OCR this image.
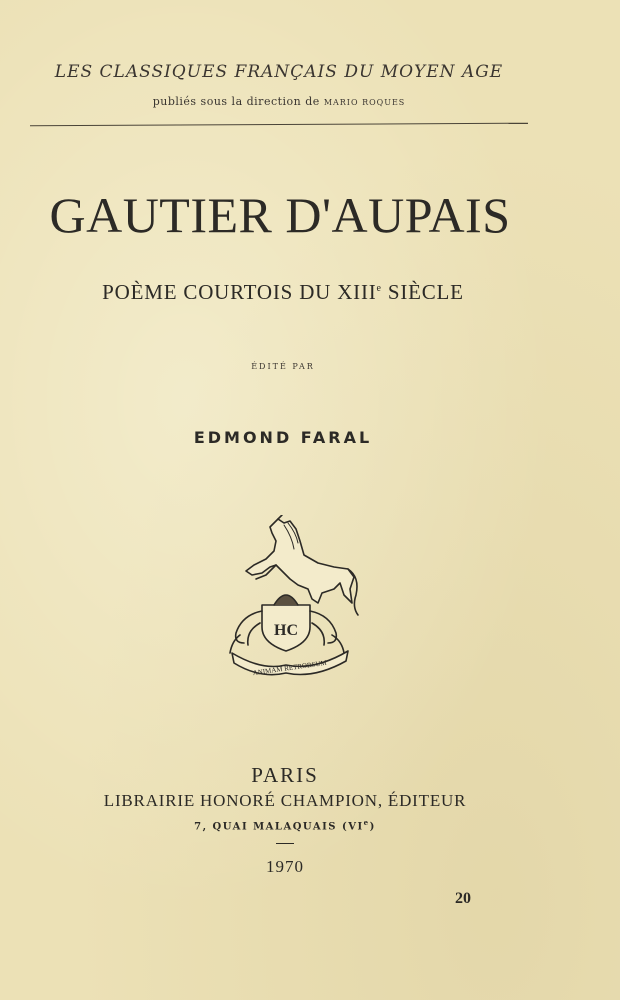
LES CLASSIQUES FRANÇAIS DU MOYEN AGE
publiés sous la direction de MARIO ROQUES
GAUTIER D'AUPAIS
POÈME COURTOIS DU XIIIe SIÈCLE
ÉDITÉ PAR
EDMOND FARAL
HC
ANIMAM RETRORSUM
PARIS
LIBRAIRIE HONORÉ CHAMPION, ÉDITEUR
7, QUAI MALAQUAIS (VIe)
1970
20
